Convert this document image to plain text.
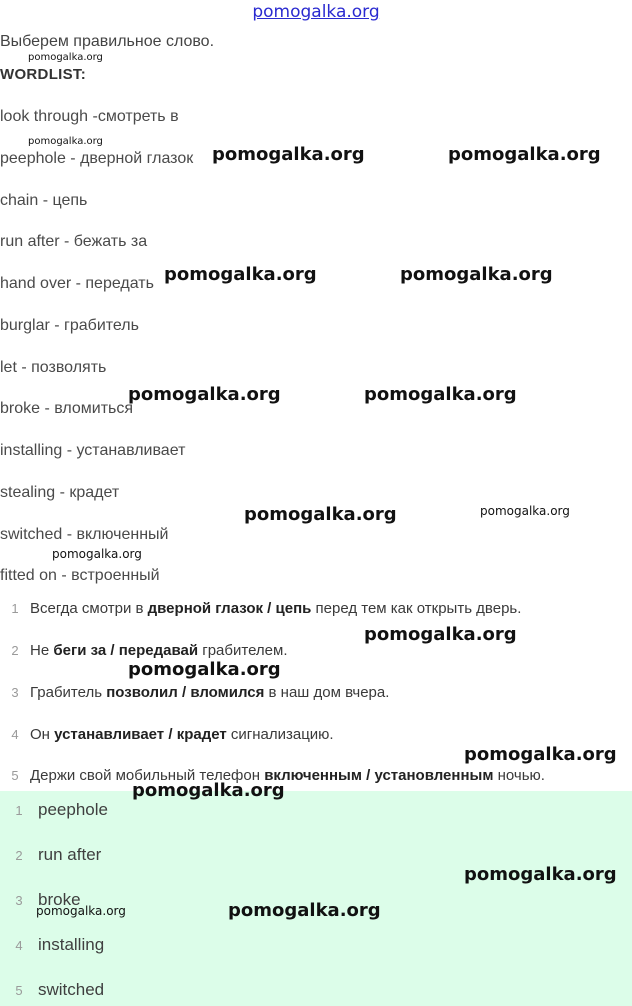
pomogalka.org
Выберем правильное слово.
WORDLIST:
look through -смотреть в
peephole - дверной глазок
chain - цепь
run after - бежать за
hand over - передать
burglar - грабитель
let - позволять
broke - вломиться
installing - устанавливает
stealing - крадет
switched - включенный
fitted on - встроенный
1 Всегда смотри в дверной глазок / цепь перед тем как открыть дверь.
2 Не беги за / передавай грабителем.
3 Грабитель позволил / вломился в наш дом вчера.
4 Он устанавливает / крадет сигнализацию.
5 Держи свой мобильный телефон включенным / установленным ночью.
1 peephole
2 run after
3 broke
4 installing
5 switched
pomogalka.org
pomogalka.org
pomogalka.org	pomogalka.org
pomogalka.org	pomogalka.org
pomogalka.org	pomogalka.org
pomogalka.org	pomogalka.org
pomogalka.org
pomogalka.org
pomogalka.org
pomogalka.org
pomogalka.org
pomogalka.org
pomogalka.org	pomogalka.org
